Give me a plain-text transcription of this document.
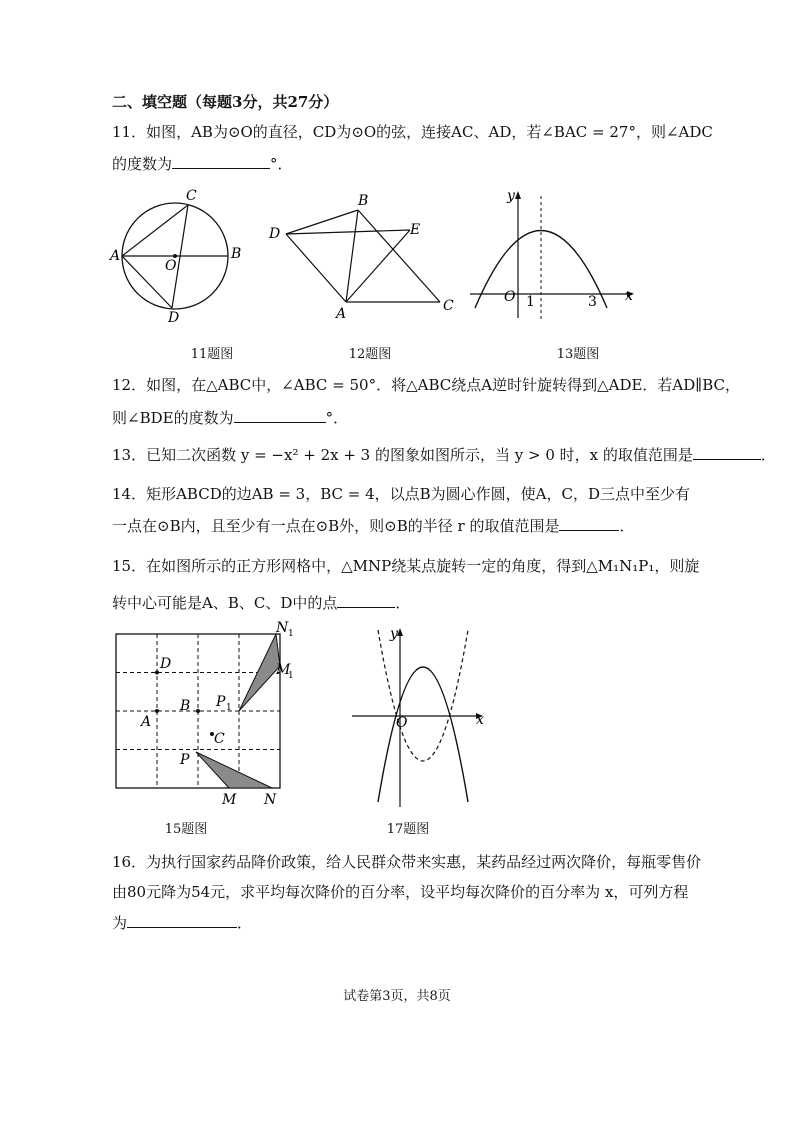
二、填空题（每题3分，共27分）
11．如图，AB为⊙O的直径，CD为⊙O的弦，连接AC、AD，若∠BAC = 27°，则∠ADC
的度数为	°．
A	B
C
D
O
11题图
D
B
E
A	C
12题图
y
x
O 1	3
13题图
12．如图，在△ABC中，∠ABC = 50°．将△ABC绕点A逆时针旋转得到△ADE．若AD∥BC，
则∠BDE的度数为	°．
13．已知二次函数 y = −x² + 2x + 3 的图象如图所示，当 y > 0 时，x 的取值范围是	．
14．矩形ABCD的边AB = 3，BC = 4，以点B为圆心作圆，使A，C，D三点中至少有
一点在⊙B内，且至少有一点在⊙B外，则⊙B的半径 r 的取值范围是	．
15．在如图所示的正方形网格中，△MNP绕某点旋转一定的角度，得到△M₁N₁P₁，则旋
转中心可能是A、B、C、D中的点	．
D
B
C
A
P
M N
P 1
M
1
N 1
15题图
y
x
O
17题图
16．为执行国家药品降价政策，给人民群众带来实惠，某药品经过两次降价，每瓶零售价
由80元降为54元，求平均每次降价的百分率，设平均每次降价的百分率为 x，可列方程
为	．
试卷第3页，共8页
